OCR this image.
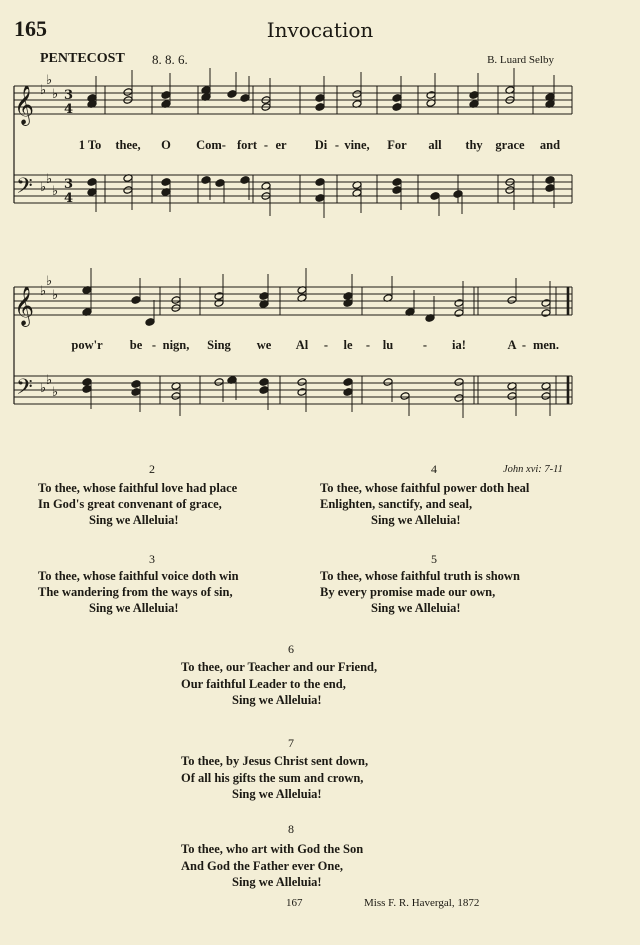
165	Invocation
PENTECOST 8. 8. 6.	B. Luard Selby
𝄞
𝄢
♭
♭
♭
♭
♭
♭
3
4
3
4
𝄞
𝄢
♭
♭
♭
♭
♭
♭
1 To thee, O Com- fort - er Di - vine, For all thy grace and
pow'r be - nign, Sing we Al - le - lu - ia!	A - men.
2
To thee, whose faithful love had place
In God's great convenant of grace,
Sing we Alleluia!
3
To thee, whose faithful voice doth win
The wandering from the ways of sin,
Sing we Alleluia!
4	John xvi: 7-11
To thee, whose faithful power doth heal
Enlighten, sanctify, and seal,
Sing we Alleluia!
5
To thee, whose faithful truth is shown
By every promise made our own,
Sing we Alleluia!
6
To thee, our Teacher and our Friend,
Our faithful Leader to the end,
Sing we Alleluia!
7
To thee, by Jesus Christ sent down,
Of all his gifts the sum and crown,
Sing we Alleluia!
8
To thee, who art with God the Son
And God the Father ever One,
Sing we Alleluia!
167	Miss F. R. Havergal, 1872
